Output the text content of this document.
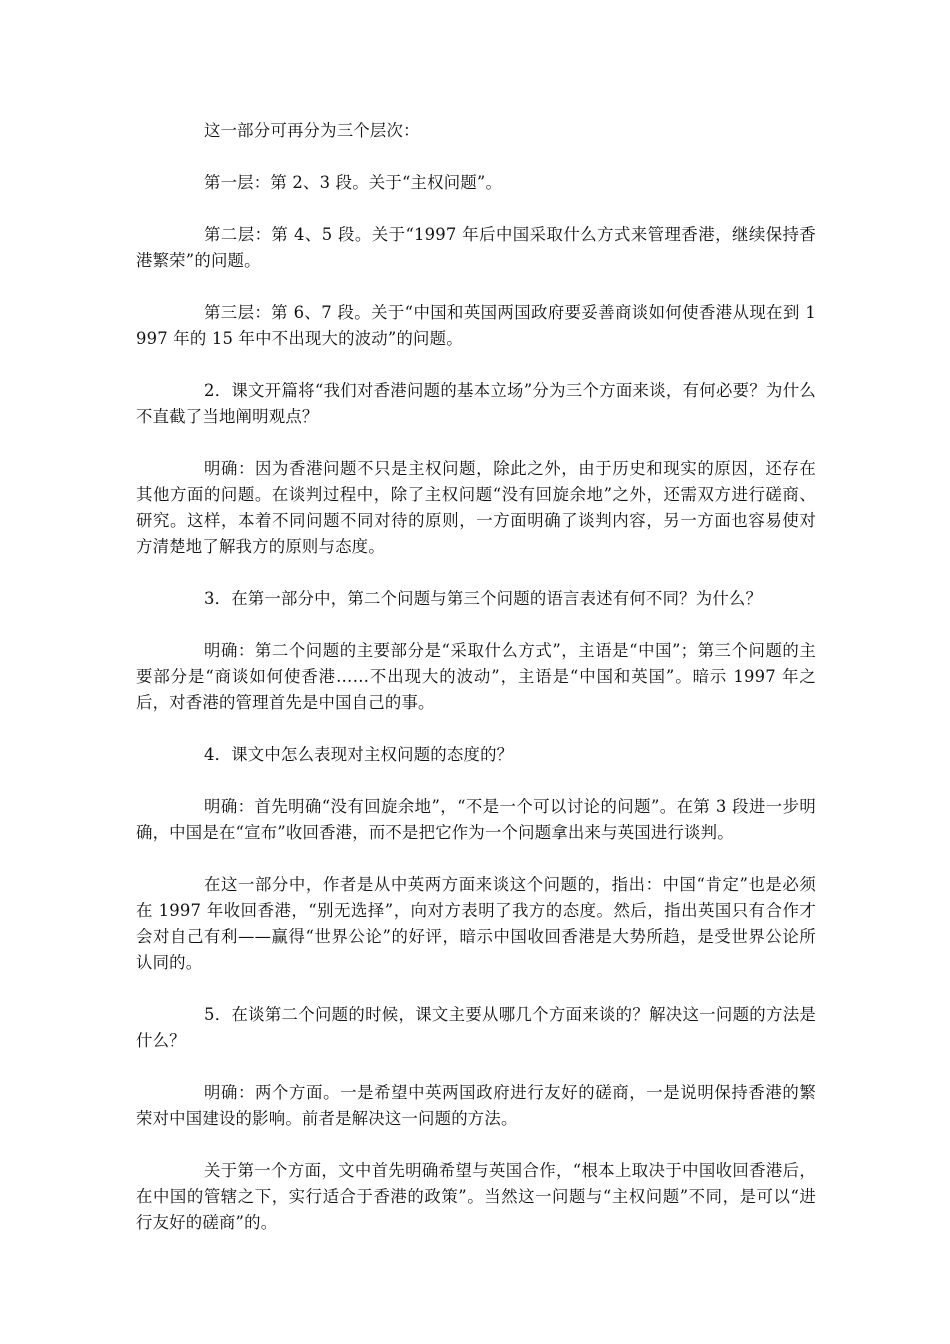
这一部分可再分为三个层次：

第一层：第 2、3 段。关于“主权问题”。

第二层：第 4、5 段。关于“1997 年后中国采取什么方式来管理香港，继续保持香港繁荣”的问题。

第三层：第 6、7 段。关于“中国和英国两国政府要妥善商谈如何使香港从现在到 1997 年的 15 年中不出现大的波动”的问题。

2．课文开篇将“我们对香港问题的基本立场”分为三个方面来谈，有何必要？为什么不直截了当地阐明观点？

明确：因为香港问题不只是主权问题，除此之外，由于历史和现实的原因，还存在其他方面的问题。在谈判过程中，除了主权问题“没有回旋余地”之外，还需双方进行磋商、研究。这样，本着不同问题不同对待的原则，一方面明确了谈判内容，另一方面也容易使对方清楚地了解我方的原则与态度。

3．在第一部分中，第二个问题与第三个问题的语言表述有何不同？为什么？

明确：第二个问题的主要部分是“采取什么方式”，主语是“中国”；第三个问题的主要部分是“商谈如何使香港……不出现大的波动”，主语是“中国和英国”。暗示 1997 年之后，对香港的管理首先是中国自己的事。

4．课文中怎么表现对主权问题的态度的？

明确：首先明确“没有回旋余地”，“不是一个可以讨论的问题”。在第 3 段进一步明确，中国是在“宣布”收回香港，而不是把它作为一个问题拿出来与英国进行谈判。

在这一部分中，作者是从中英两方面来谈这个问题的，指出：中国“肯定”也是必须在 1997 年收回香港，“别无选择”，向对方表明了我方的态度。然后，指出英国只有合作才会对自己有利——赢得“世界公论”的好评，暗示中国收回香港是大势所趋，是受世界公论所认同的。

5．在谈第二个问题的时候，课文主要从哪几个方面来谈的？解决这一问题的方法是什么？

明确：两个方面。一是希望中英两国政府进行友好的磋商，一是说明保持香港的繁荣对中国建设的影响。前者是解决这一问题的方法。

关于第一个方面，文中首先明确希望与英国合作，“根本上取决于中国收回香港后，在中国的管辖之下，实行适合于香港的政策”。当然这一问题与“主权问题”不同，是可以“进行友好的磋商”的。
